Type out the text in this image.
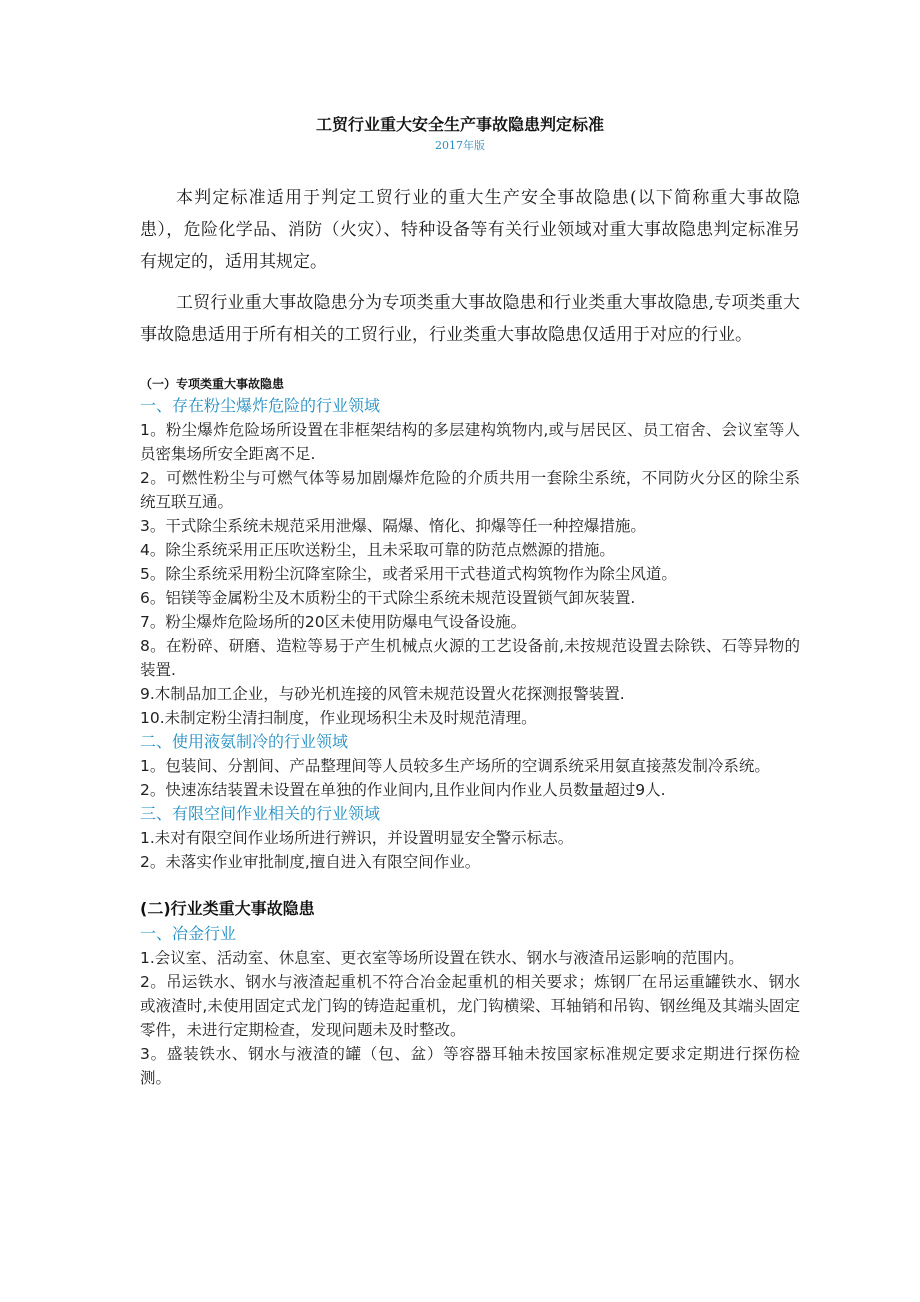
工贸行业重大安全生产事故隐患判定标准
2017年版

本判定标准适用于判定工贸行业的重大生产安全事故隐患(以下简称重大事故隐患），危险化学品、消防（火灾）、特种设备等有关行业领域对重大事故隐患判定标准另有规定的，适用其规定。

工贸行业重大事故隐患分为专项类重大事故隐患和行业类重大事故隐患,专项类重大事故隐患适用于所有相关的工贸行业，行业类重大事故隐患仅适用于对应的行业。

（一）专项类重大事故隐患

一、存在粉尘爆炸危险的行业领域

1。粉尘爆炸危险场所设置在非框架结构的多层建构筑物内,或与居民区、员工宿舍、会议室等人员密集场所安全距离不足.

2。可燃性粉尘与可燃气体等易加剧爆炸危险的介质共用一套除尘系统，不同防火分区的除尘系统互联互通。

3。干式除尘系统未规范采用泄爆、隔爆、惰化、抑爆等任一种控爆措施。

4。除尘系统采用正压吹送粉尘，且未采取可靠的防范点燃源的措施。

5。除尘系统采用粉尘沉降室除尘，或者采用干式巷道式构筑物作为除尘风道。

6。铝镁等金属粉尘及木质粉尘的干式除尘系统未规范设置锁气卸灰装置.

7。粉尘爆炸危险场所的20区未使用防爆电气设备设施。

8。在粉碎、研磨、造粒等易于产生机械点火源的工艺设备前,未按规范设置去除铁、石等异物的装置.

9.木制品加工企业，与砂光机连接的风管未规范设置火花探测报警装置.

10.未制定粉尘清扫制度，作业现场积尘未及时规范清理。

二、使用液氨制冷的行业领域

1。包装间、分割间、产品整理间等人员较多生产场所的空调系统采用氨直接蒸发制冷系统。

2。快速冻结装置未设置在单独的作业间内,且作业间内作业人员数量超过9人.

三、有限空间作业相关的行业领域

1.未对有限空间作业场所进行辨识，并设置明显安全警示标志。

2。未落实作业审批制度,擅自进入有限空间作业。

(二)行业类重大事故隐患

一、冶金行业

1.会议室、活动室、休息室、更衣室等场所设置在铁水、钢水与液渣吊运影响的范围内。

2。吊运铁水、钢水与液渣起重机不符合冶金起重机的相关要求；炼钢厂在吊运重罐铁水、钢水或液渣时,未使用固定式龙门钩的铸造起重机，龙门钩横梁、耳轴销和吊钩、钢丝绳及其端头固定零件，未进行定期检查，发现问题未及时整改。

3。盛装铁水、钢水与液渣的罐（包、盆）等容器耳轴未按国家标准规定要求定期进行探伤检测。
